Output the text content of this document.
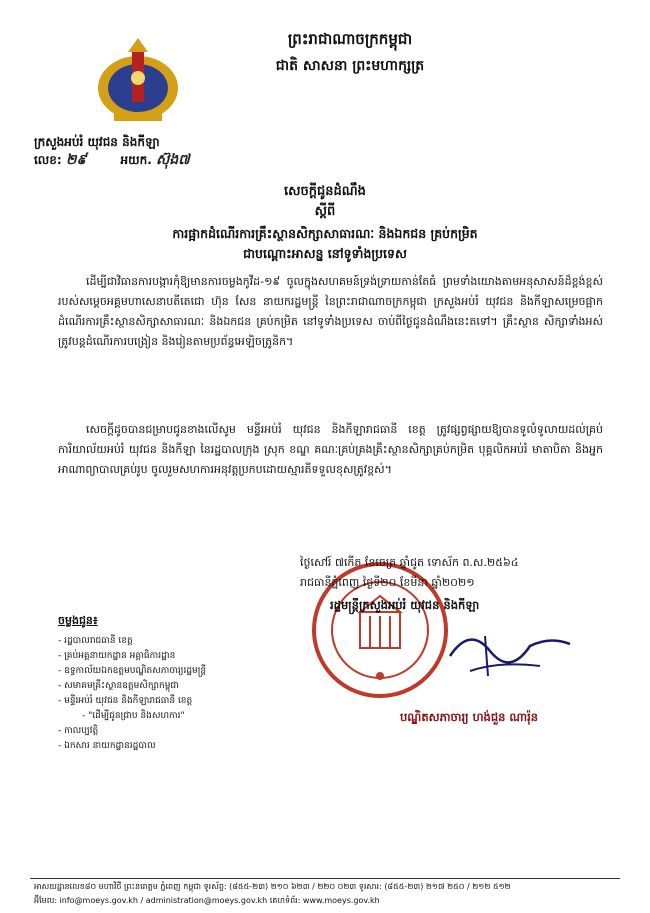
ព្រះរាជាណាចក្រកម្ពុជា
ជាតិ សាសនា ព្រះមហាក្សត្រ
ក្រសួងអប់រំ យុវជន និងកីឡា
លេខ: ២៩	អយក. ស៊ុង៧
សេចក្ដីជូនដំណឹង
ស្ដីពី
ការផ្អាកដំណើរការគ្រឹះស្ថានសិក្សាសាធារណៈ និងឯកជន គ្រប់កម្រិត
ជាបណ្ដោះអាសន្ន នៅទូទាំងប្រទេស
ដើម្បីជាវិធានការបង្ការកុំឱ្យមានការចម្លងកូវីដ-១៩ ចូលក្នុងសហគមន៍ទ្រង់ទ្រាយកាន់តែធំ ព្រមទាំងយោងតាមអនុសាសន៍ដ៏ខ្ពង់ខ្ពស់របស់សម្ដេចអគ្គមហាសេនាបតីតេជោ ហ៊ុន សែន នាយករដ្ឋមន្ត្រី នៃព្រះរាជាណាចក្រកម្ពុជា ក្រសួងអប់រំ យុវជន និងកីឡាសម្រេចផ្អាកដំណើរការគ្រឹះស្ថានសិក្សាសាធារណៈ និងឯកជន គ្រប់កម្រិត នៅទូទាំងប្រទេស ចាប់ពីថ្ងៃជូនដំណឹងនេះតទៅ។ គ្រឹះស្ថាន សិក្សាទាំងអស់ត្រូវបន្តដំណើរការបង្រៀន និងរៀនតាមប្រព័ន្ធអេឡិចត្រូនិក។
សេចក្ដីដូចបានជម្រាបជូនខាងលើសូម មន្ទីរអប់រំ យុវជន និងកីឡារាជធានី ខេត្ត ត្រូវផ្សព្វផ្សាយឱ្យបានទូលំទូលាយដល់គ្រប់ការិយាល័យអប់រំ យុវជន និងកីឡា នៃរដ្ឋបាលក្រុង ស្រុក ខណ្ឌ គណៈគ្រប់គ្រងគ្រឹះស្ថានសិក្សាគ្រប់កម្រិត បុគ្គលិកអប់រំ មាតាបិតា និងអ្នកអាណាព្យាបាលគ្រប់រូប ចូលរួមសហការអនុវត្តប្រកបដោយស្មារតីទទួលខុសត្រូវខ្ពស់។
ថ្ងៃសៅរ៍ ៧កើត ខែចេត្រ ឆ្នាំជូត ទោស័ក ព.ស.២៥៦៤
រាជធានីភ្នំពេញ ថ្ងៃទី២០ ខែមីនា ឆ្នាំ២០២១
រដ្ឋមន្ត្រីក្រសួងអប់រំ យុវជន និងកីឡា
បណ្ឌិតសភាចារ្យ ហង់ជួន ណារ៉ុន
ចម្លងជូន៖
- រដ្ឋបាលរាជធានី ខេត្ត
- គ្រប់អគ្គនាយកដ្ឋាន អគ្គាធិការដ្ឋាន
- ឧទ្ធកាល័យឯកឧត្តមបណ្ឌិតសភាចារ្យរដ្ឋមន្ត្រី
- សមាគមគ្រឹះស្ថានឧត្តមសិក្សាកម្ពុជា
- មន្ទីរអប់រំ យុវជន និងកីឡារាជធានី ខេត្ត
- "ដើម្បីជូនជ្រាប និងសហការ"
- កាលប្បវត្តិ
- ឯកសារ នាយកដ្ឋានរដ្ឋបាល
អាសយដ្ឋានលេខ៨០ មហាវិថី ព្រះនរោត្តម ភ្នំពេញ កម្ពុជា ទូរស័ព្ទ: (៨៥៥-២៣) ២១០ ៦២៣ / ២២០ ០២៣ ទូរសារ: (៨៥៥-២៣) ២១៧ ២៥០ / ២១២ ៥១២
អ៊ីមែល: info@moeys.gov.kh / administration@moeys.gov.kh គេហទំព័រ: www.moeys.gov.kh
